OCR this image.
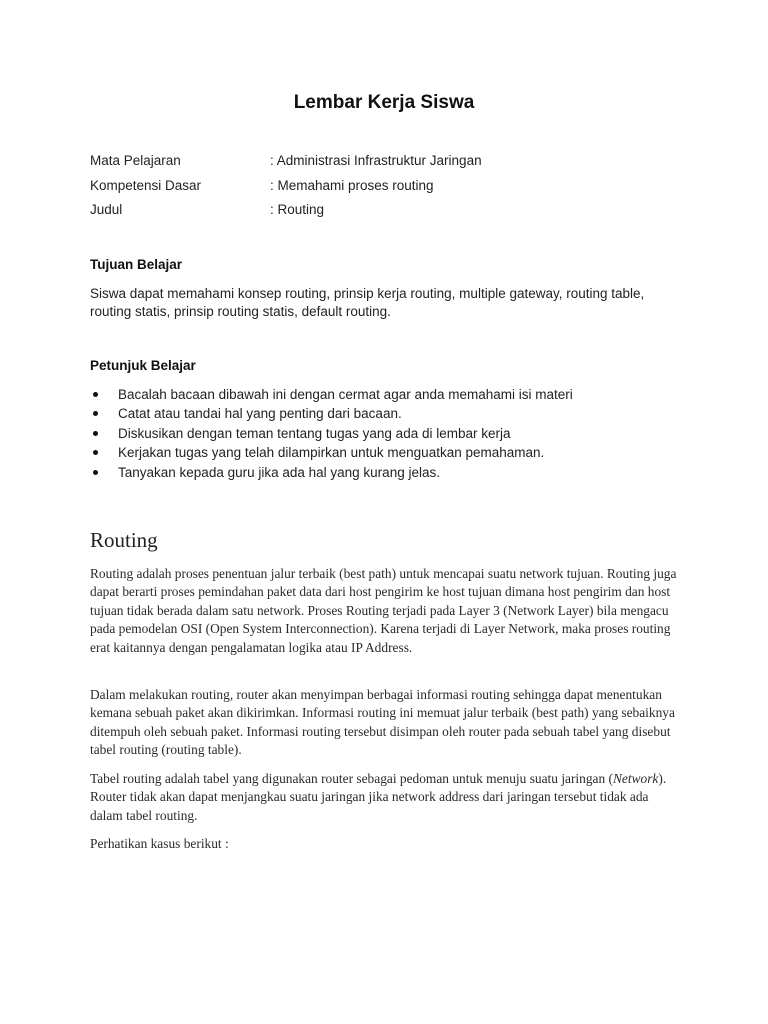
Lembar Kerja Siswa
Mata Pelajaran	: Administrasi Infrastruktur Jaringan
Kompetensi Dasar	: Memahami proses routing
Judul	: Routing
Tujuan Belajar
Siswa dapat memahami konsep routing, prinsip kerja routing, multiple gateway, routing table, routing statis, prinsip routing statis, default routing.
Petunjuk Belajar
Bacalah bacaan dibawah ini dengan cermat agar anda memahami isi materi
Catat atau tandai hal yang penting dari bacaan.
Diskusikan dengan teman tentang tugas yang ada di lembar kerja
Kerjakan tugas yang telah dilampirkan untuk menguatkan pemahaman.
Tanyakan kepada guru jika ada hal yang kurang jelas.
Routing
Routing adalah proses penentuan jalur terbaik (best path) untuk mencapai suatu network tujuan. Routing juga dapat berarti proses pemindahan paket data dari host pengirim ke host tujuan dimana host pengirim dan host tujuan tidak berada dalam satu network. Proses Routing terjadi pada Layer 3 (Network Layer) bila mengacu pada pemodelan OSI (Open System Interconnection). Karena terjadi di Layer Network, maka proses routing erat kaitannya dengan pengalamatan logika atau IP Address.
Dalam melakukan routing, router akan menyimpan berbagai informasi routing sehingga dapat menentukan kemana sebuah paket akan dikirimkan. Informasi routing ini memuat jalur terbaik (best path) yang sebaiknya ditempuh oleh sebuah paket. Informasi routing tersebut disimpan oleh router pada sebuah tabel yang disebut tabel routing (routing table).
Tabel routing adalah tabel yang digunakan router sebagai pedoman untuk menuju suatu jaringan (Network). Router tidak akan dapat menjangkau suatu jaringan jika network address dari jaringan tersebut tidak ada dalam tabel routing.
Perhatikan kasus berikut :
